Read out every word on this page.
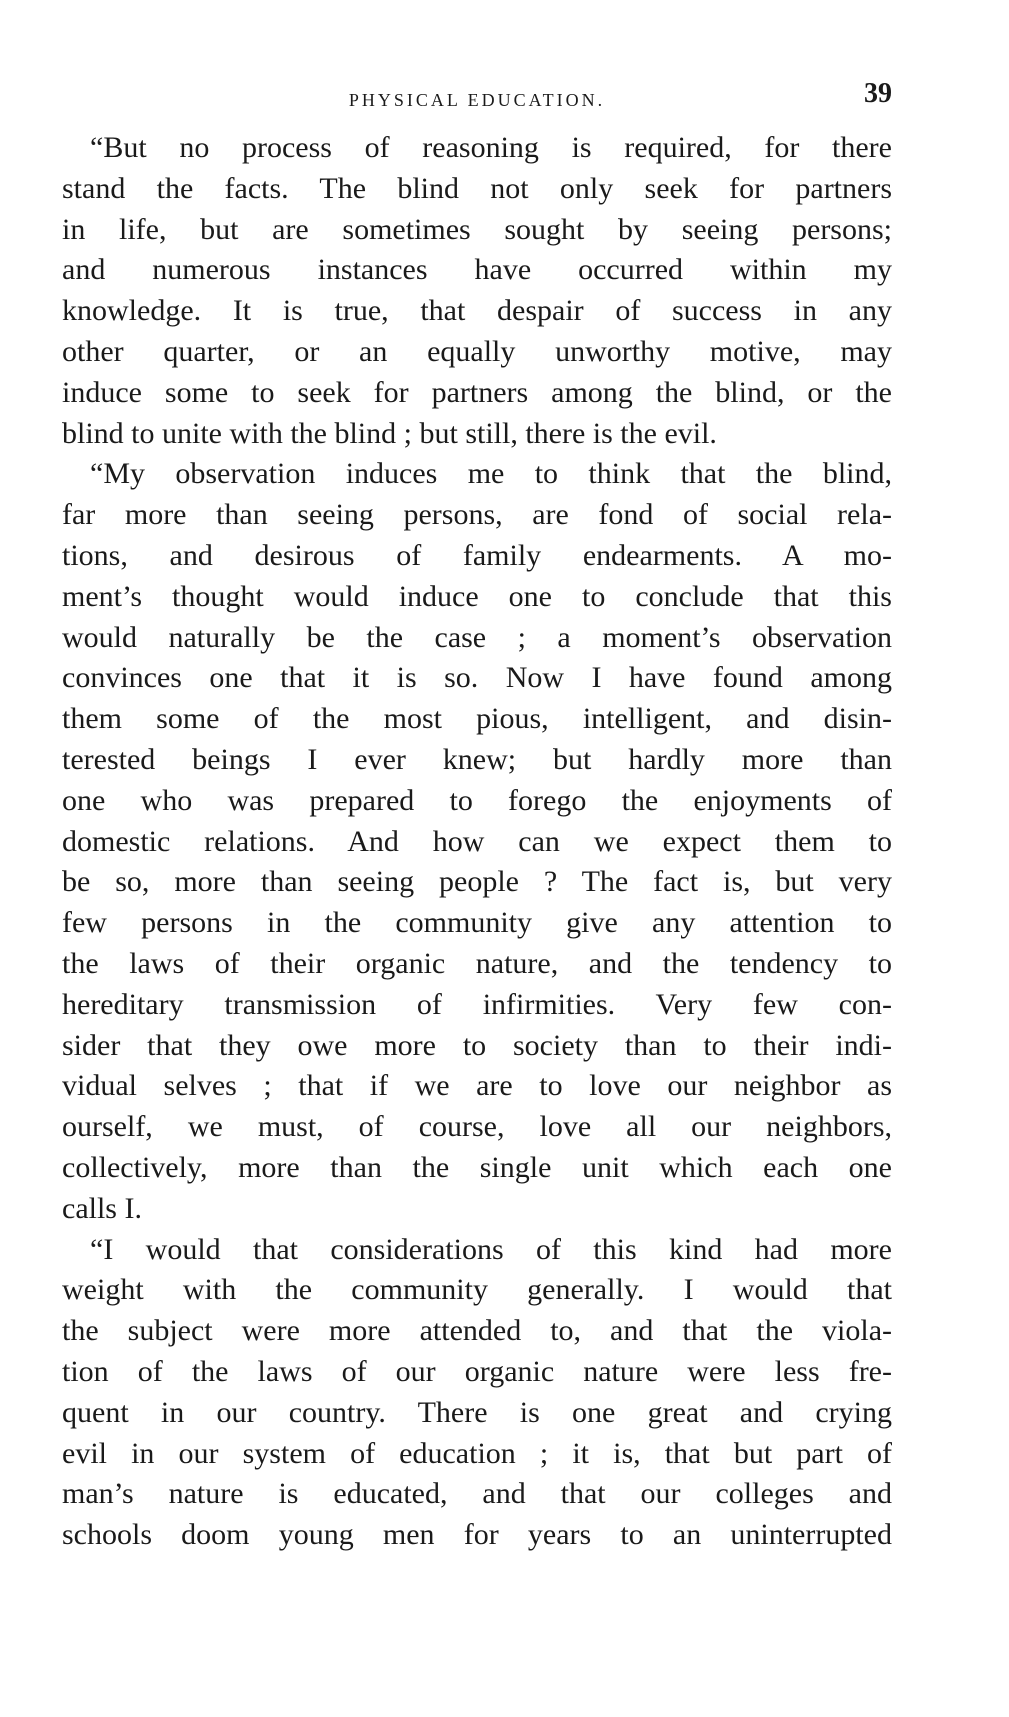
PHYSICAL EDUCATION.	39
“But no process of reasoning is required, for there
stand the facts. The blind not only seek for partners
in life, but are sometimes sought by seeing persons;
and numerous instances have occurred within my
knowledge. It is true, that despair of success in any
other quarter, or an equally unworthy motive, may
induce some to seek for partners among the blind, or the
blind to unite with the blind ; but still, there is the evil.
“My observation induces me to think that the blind,
far more than seeing persons, are fond of social rela-
tions, and desirous of family endearments. A mo-
ment’s thought would induce one to conclude that this
would naturally be the case ; a moment’s observation
convinces one that it is so. Now I have found among
them some of the most pious, intelligent, and disin-
terested beings I ever knew; but hardly more than
one who was prepared to forego the enjoyments of
domestic relations. And how can we expect them to
be so, more than seeing people ? The fact is, but very
few persons in the community give any attention to
the laws of their organic nature, and the tendency to
hereditary transmission of infirmities. Very few con-
sider that they owe more to society than to their indi-
vidual selves ; that if we are to love our neighbor as
ourself, we must, of course, love all our neighbors,
collectively, more than the single unit which each one
calls I.
“I would that considerations of this kind had more
weight with the community generally. I would that
the subject were more attended to, and that the viola-
tion of the laws of our organic nature were less fre-
quent in our country. There is one great and crying
evil in our system of education ; it is, that but part of
man’s nature is educated, and that our colleges and
schools doom young men for years to an uninterrupted
